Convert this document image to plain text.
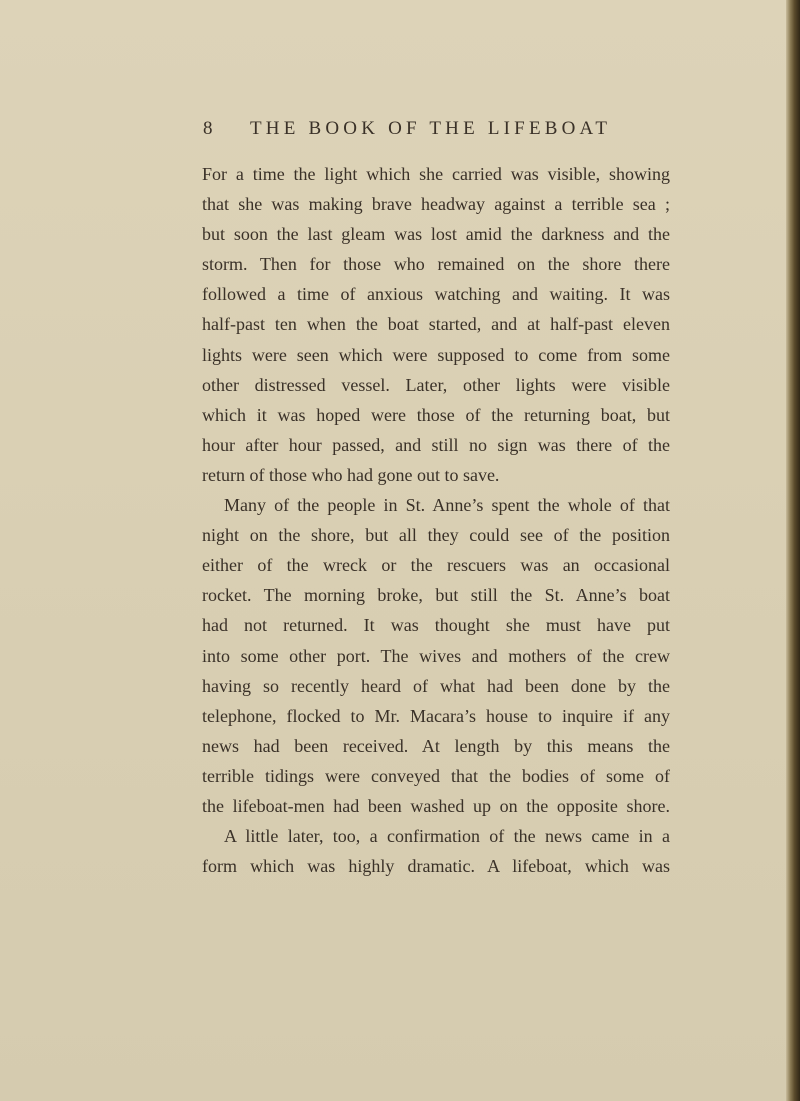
8 THE BOOK OF THE LIFEBOAT
For a time the light which she carried was visible, showing
that she was making brave headway against a terrible sea ;
but soon the last gleam was lost amid the darkness and the
storm. Then for those who remained on the shore there
followed a time of anxious watching and waiting. It was
half-past ten when the boat started, and at half-past eleven
lights were seen which were supposed to come from some
other distressed vessel. Later, other lights were visible
which it was hoped were those of the returning boat, but
hour after hour passed, and still no sign was there of the
return of those who had gone out to save.
Many of the people in St. Anne’s spent the whole of that
night on the shore, but all they could see of the position
either of the wreck or the rescuers was an occasional
rocket. The morning broke, but still the St. Anne’s boat
had not returned. It was thought she must have put
into some other port. The wives and mothers of the crew
having so recently heard of what had been done by the
telephone, flocked to Mr. Macara’s house to inquire if any
news had been received. At length by this means the
terrible tidings were conveyed that the bodies of some of
the lifeboat-men had been washed up on the opposite shore.
A little later, too, a confirmation of the news came in a
form which was highly dramatic. A lifeboat, which was
